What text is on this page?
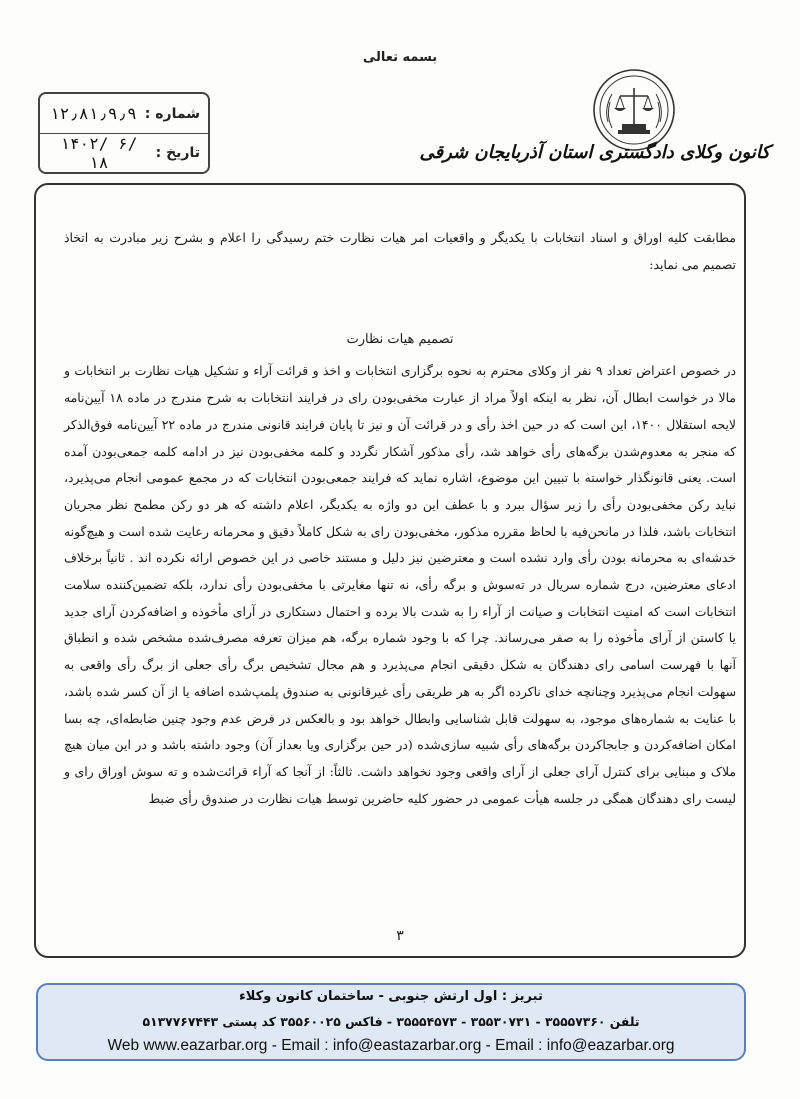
بسمه تعالی
شماره :
۱۲٫۸۱٫۹٫۹
تاریخ :
۱۴۰۲/ ۶/ ۱۸	کانون وکلای دادگستری استان آذربایجان شرقی

مطابقت کلیه اوراق و اسناد انتخابات با یکدیگر و واقعیات امر هیات نظارت ختم رسیدگی را اعلام و بشرح زیر مبادرت به اتخاذ تصمیم می نماید:

تصمیم هیات نظارت

در خصوص اعتراض تعداد ۹ نفر از وکلای محترم به نحوه برگزاری انتخابات و اخذ و قرائت آراء و تشکیل هیات نظارت بر انتخابات و مالا در خواست ابطال آن، نظر به اینکه اولاً مراد از عبارت مخفی‌بودن رای در فرایند انتخابات به شرح مندرج در ماده ۱۸ آیین‌نامه لایحه استقلال ۱۴۰۰، این است که در حین اخذ رأی و در قرائت آن و نیز تا پایان فرایند قانونی مندرج در ماده ۲۲ آیین‌نامه فوق‌الذکر که منجر به معدوم‌شدن برگه‌های رأی خواهد شد، رأی مذکور آشکار نگردد و کلمه مخفی‌بودن نیز در ادامه کلمه جمعی‌بودن آمده است. یعنی قانونگذار خواسته با تبیین این موضوع، اشاره نماید که فرایند جمعی‌بودن انتخابات که در مجمع عمومی انجام می‌پذیرد، نباید رکن مخفی‌بودن رأی را زیر سؤال ببرد و با عطف این دو واژه به یکدیگر، اعلام داشته که هر دو رکن مطمح نظر مجریان انتخابات باشد، فلذا در مانحن‌فیه با لحاظ مقرره مذکور، مخفی‌بودن رای به شکل کاملاً دقیق و محرمانه رعایت شده است و هیچ‌گونه خدشه‌ای به محرمانه بودن رأی وارد نشده است و معترضین نیز دلیل و مستند خاصی در این خصوص ارائه نکرده اند . ثانیاً برخلاف ادعای معترضین، درج شماره سریال در ته‌سوش و برگه رأی، نه تنها مغایرتی با مخفی‌بودن رأی ندارد، بلکه تضمین‌کننده سلامت انتخابات است که امنیت انتخابات و صیانت از آراء را به شدت بالا برده و احتمال دستکاری در آرای مأخوذه و اضافه‌کردن آرای جدید یا کاستن از آرای مأخوذه را به صفر می‌رساند. چرا که با وجود شماره برگه، هم میزان تعرفه مصرف‌شده مشخص شده و انطباق آنها با فهرست اسامی رای دهندگان به شکل دقیقی انجام می‌پذیرد و هم مجال تشخیص برگ رأی جعلی از برگ رأی واقعی به سهولت انجام می‌پذیرد وچنانچه خدای ناکرده اگر به هر طریقی رأی غیرقانونی به صندوق پلمپ‌شده اضافه یا از آن کسر شده باشد، با عنایت به شماره‌های موجود، به سهولت قابل شناسایی وابطال خواهد بود و بالعکس در فرض عدم وجود چنین ضابطه‌ای، چه بسا امکان اضافه‌کردن و جابجاکردن برگه‌های رأی شبیه سازی‌شده (در حین برگزاری ویا بعداز آن) وجود داشته باشد و در این میان هیچ ملاک و مبنایی برای کنترل آرای جعلی از آرای واقعی وجود نخواهد داشت. ثالثاً: از آنجا که آراء قرائت‌شده و ته سوش اوراق رای و لیست رای دهندگان همگی در جلسه هیأت عمومی در حضور کلیه حاضرین توسط هیات نظارت در صندوق رأی ضبط

۳
تبریز : اول ارتش جنوبی - ساختمان کانون وکلاء
تلفن ۳۵۵۵۷۳۶۰ - ۳۵۵۳۰۷۳۱ - ۳۵۵۵۴۵۷۳ - فاکس ۳۵۵۶۰۰۲۵ کد پستی ۵۱۳۷۷۶۷۴۴۳
Web www.eazarbar.org - Email : info@eastazarbar.org - Email : info@eazarbar.org
